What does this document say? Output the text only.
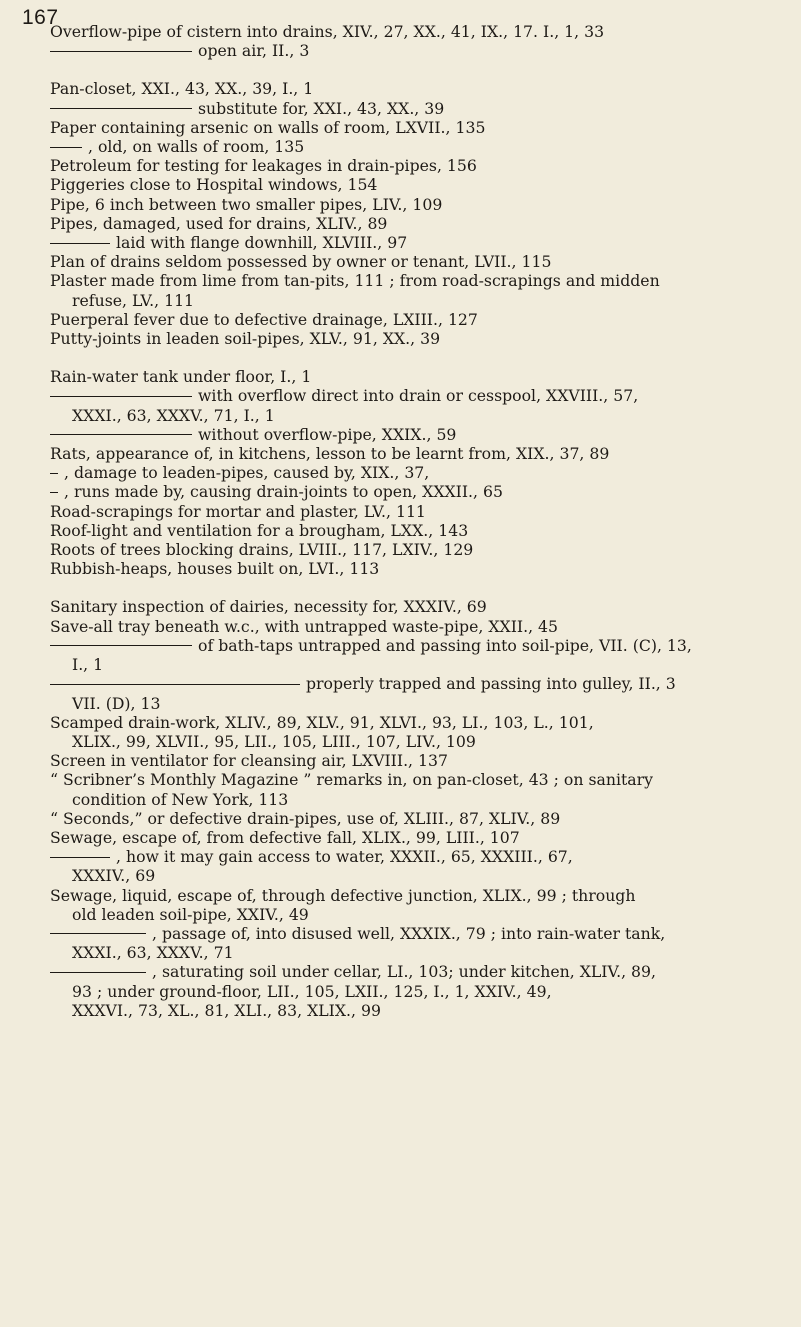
167
Overflow-pipe of cistern into drains, XIV., 27, XX., 41, IX., 17. I., 1, 33
open air, II., 3
Pan-closet, XXI., 43, XX., 39, I., 1
substitute for, XXI., 43, XX., 39
Paper containing arsenic on walls of room, LXVII., 135
, old, on walls of room, 135
Petroleum for testing for leakages in drain-pipes, 156
Piggeries close to Hospital windows, 154
Pipe, 6 inch between two smaller pipes, LIV., 109
Pipes, damaged, used for drains, XLIV., 89
laid with flange downhill, XLVIII., 97
Plan of drains seldom possessed by owner or tenant, LVII., 115
Plaster made from lime from tan-pits, 111 ; from road-scrapings and midden
refuse, LV., 111
Puerperal fever due to defective drainage, LXIII., 127
Putty-joints in leaden soil-pipes, XLV., 91, XX., 39
Rain-water tank under floor, I., 1
with overflow direct into drain or cesspool, XXVIII., 57,
XXXI., 63, XXXV., 71, I., 1
without overflow-pipe, XXIX., 59
Rats, appearance of, in kitchens, lesson to be learnt from, XIX., 37, 89
, damage to leaden-pipes, caused by, XIX., 37,
, runs made by, causing drain-joints to open, XXXII., 65
Road-scrapings for mortar and plaster, LV., 111
Roof-light and ventilation for a brougham, LXX., 143
Roots of trees blocking drains, LVIII., 117, LXIV., 129
Rubbish-heaps, houses built on, LVI., 113
Sanitary inspection of dairies, necessity for, XXXIV., 69
Save-all tray beneath w.c., with untrapped waste-pipe, XXII., 45
of bath-taps untrapped and passing into soil-pipe, VII. (C), 13,
I., 1
properly trapped and passing into gulley, II., 3
VII. (D), 13
Scamped drain-work, XLIV., 89, XLV., 91, XLVI., 93, LI., 103, L., 101,
XLIX., 99, XLVII., 95, LII., 105, LIII., 107, LIV., 109
Screen in ventilator for cleansing air, LXVIII., 137
“ Scribner’s Monthly Magazine ” remarks in, on pan-closet, 43 ; on sanitary
condition of New York, 113
“ Seconds,” or defective drain-pipes, use of, XLIII., 87, XLIV., 89
Sewage, escape of, from defective fall, XLIX., 99, LIII., 107
, how it may gain access to water, XXXII., 65, XXXIII., 67,
XXXIV., 69
Sewage, liquid, escape of, through defective junction, XLIX., 99 ; through
old leaden soil-pipe, XXIV., 49
, passage of, into disused well, XXXIX., 79 ; into rain-water tank,
XXXI., 63, XXXV., 71
, saturating soil under cellar, LI., 103; under kitchen, XLIV., 89,
93 ; under ground-floor, LII., 105, LXII., 125, I., 1, XXIV., 49,
XXXVI., 73, XL., 81, XLI., 83, XLIX., 99
